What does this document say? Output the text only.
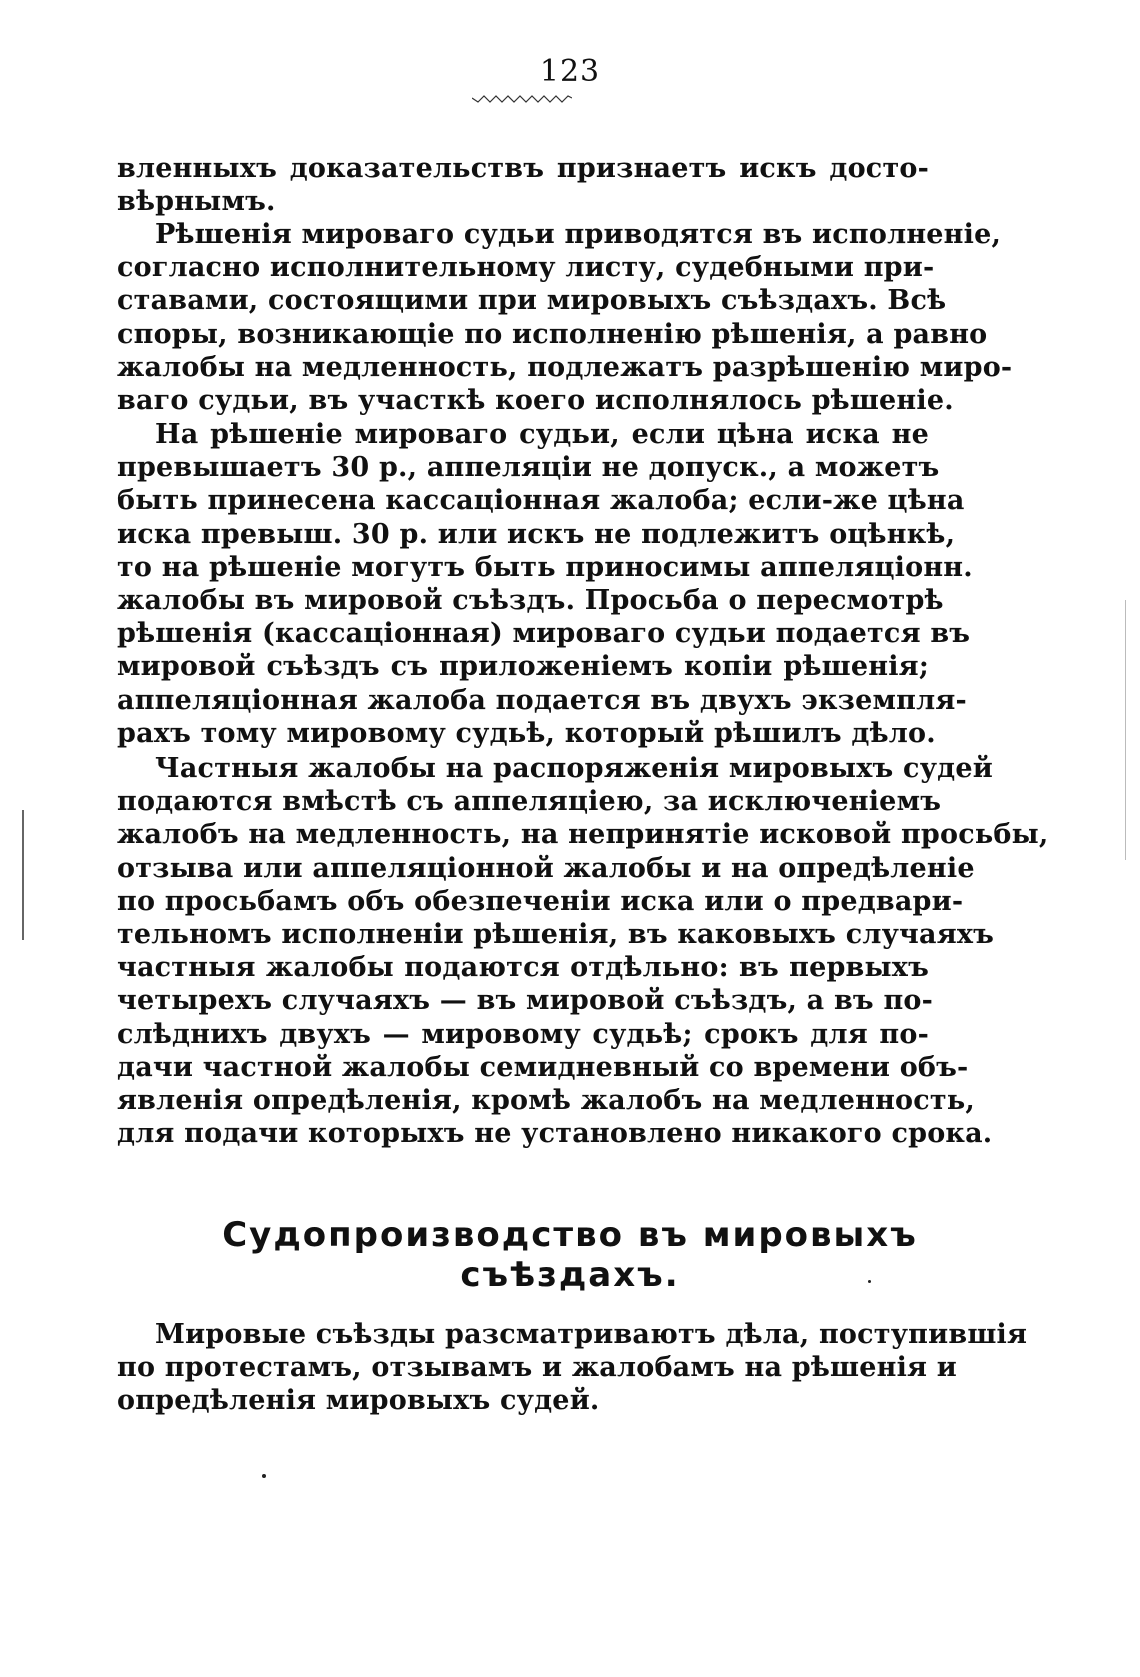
123
вленныхъ доказательствъ признаетъ искъ досто-
вѣрнымъ.
Рѣшенія мироваго судьи приводятся въ исполненіе,
согласно исполнительному листу, судебными при-
ставами, состоящими при мировыхъ съѣздахъ. Всѣ
споры, возникающіе по исполненію рѣшенія, а равно
жалобы на медленность, подлежатъ разрѣшенію миро-
ваго судьи, въ участкѣ коего исполнялось рѣшеніе.
На рѣшеніе мироваго судьи, если цѣна иска не
превышаетъ 30 р., аппеляціи не допуск., а можетъ
быть принесена кассаціонная жалоба; если-же цѣна
иска превыш. 30 р. или искъ не подлежитъ оцѣнкѣ,
то на рѣшеніе могутъ быть приносимы аппеляціонн.
жалобы въ мировой съѣздъ. Просьба о пересмотрѣ
рѣшенія (кассаціонная) мироваго судьи подается въ
мировой съѣздъ съ приложеніемъ копіи рѣшенія;
аппеляціонная жалоба подается въ двухъ экземпля-
рахъ тому мировому судьѣ, который рѣшилъ дѣло.
Частныя жалобы на распоряженія мировыхъ судей
подаются вмѣстѣ съ аппеляціею, за исключеніемъ
жалобъ на медленность, на непринятіе исковой просьбы,
отзыва или аппеляціонной жалобы и на опредѣленіе
по просьбамъ объ обезпеченіи иска или о предвари-
тельномъ исполненіи рѣшенія, въ каковыхъ случаяхъ
частныя жалобы подаются отдѣльно: въ первыхъ
четырехъ случаяхъ — въ мировой съѣздъ, а въ по-
слѣднихъ двухъ — мировому судьѣ; срокъ для по-
дачи частной жалобы семидневный со времени объ-
явленія опредѣленія, кромѣ жалобъ на медленность,
для подачи которыхъ не установлено никакого срока.
Судопроизводство въ мировыхъ
съѣздахъ.
Мировые съѣзды разсматриваютъ дѣла, поступившія
по протестамъ, отзывамъ и жалобамъ на рѣшенія и
опредѣленія мировыхъ судей.
